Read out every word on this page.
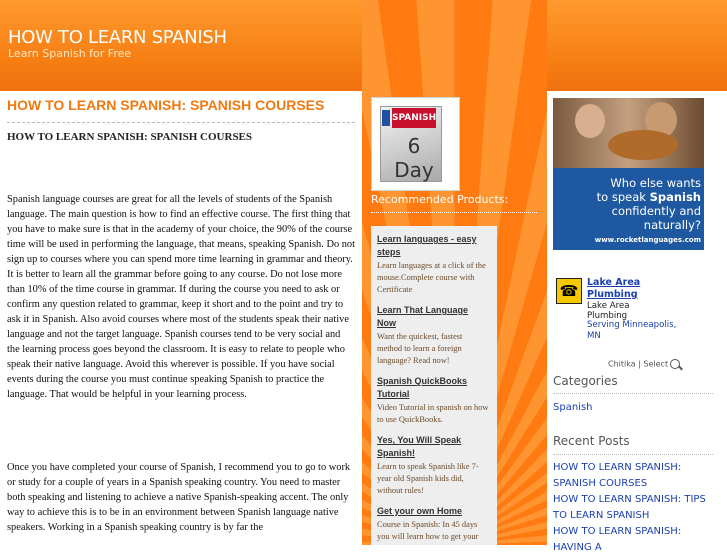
HOW TO LEARN SPANISH
Learn Spanish for Free
HOW TO LEARN SPANISH: SPANISH COURSES
HOW TO LEARN SPANISH: SPANISH COURSES
Spanish language courses are great for all the levels of students of the Spanish language. The main question is how to find an effective course. The first thing that you have to make sure is that in the academy of your choice, the 90% of the course time will be used in performing the language, that means, speaking Spanish. Do not sign up to courses where you can spend more time learning in grammar and theory. It is better to learn all the grammar before going to any course. Do not lose more than 10% of the time course in grammar. If during the course you need to ask or confirm any question related to grammar, keep it short and to the point and try to ask it in Spanish. Also avoid courses where most of the students speak their native language and not the target language. Spanish courses tend to be very social and the learning process goes beyond the classroom. It is easy to relate to people who speak their native language. Avoid this wherever is possible. If you have social events during the course you must continue speaking Spanish to practice the language. That would be helpful in your learning process.
Once you have completed your course of Spanish, I recommend you to go to work or study for a couple of years in a Spanish speaking country. You need to master both speaking and listening to achieve a native Spanish-speaking accent. The only way to achieve this is to be in an environment between Spanish language native speakers. Working in a Spanish speaking country is by far the
SPANISH
6 Day
Recommended Products:
Learn languages - easy steps
Learn languages at a click of the mouse.Complete course with Certificate
Learn That Language Now
Want the quickest, fastest method to learn a foreign language? Read now!
Spanish QuickBooks Tutorial
Video Tutorial in spanish on how to use QuickBooks.
Yes, You Will Speak Spanish!
Learn to speak Spanish like 7-year old Spanish kids did, without rules!
Get your own Home
Course in Spanish: In 45 days you will learn how to get your
Who else wants
to speak Spanish
confidently and naturally?
www.rocketlanguages.com
☎ Lake Area Plumbing
Lake Area
Plumbing
Serving Minneapolis,
MN
Chitika | Select
Categories
Spanish
Recent Posts
HOW TO LEARN SPANISH: SPANISH COURSES
HOW TO LEARN SPANISH: TIPS TO LEARN SPANISH
HOW TO LEARN SPANISH: HAVING A
